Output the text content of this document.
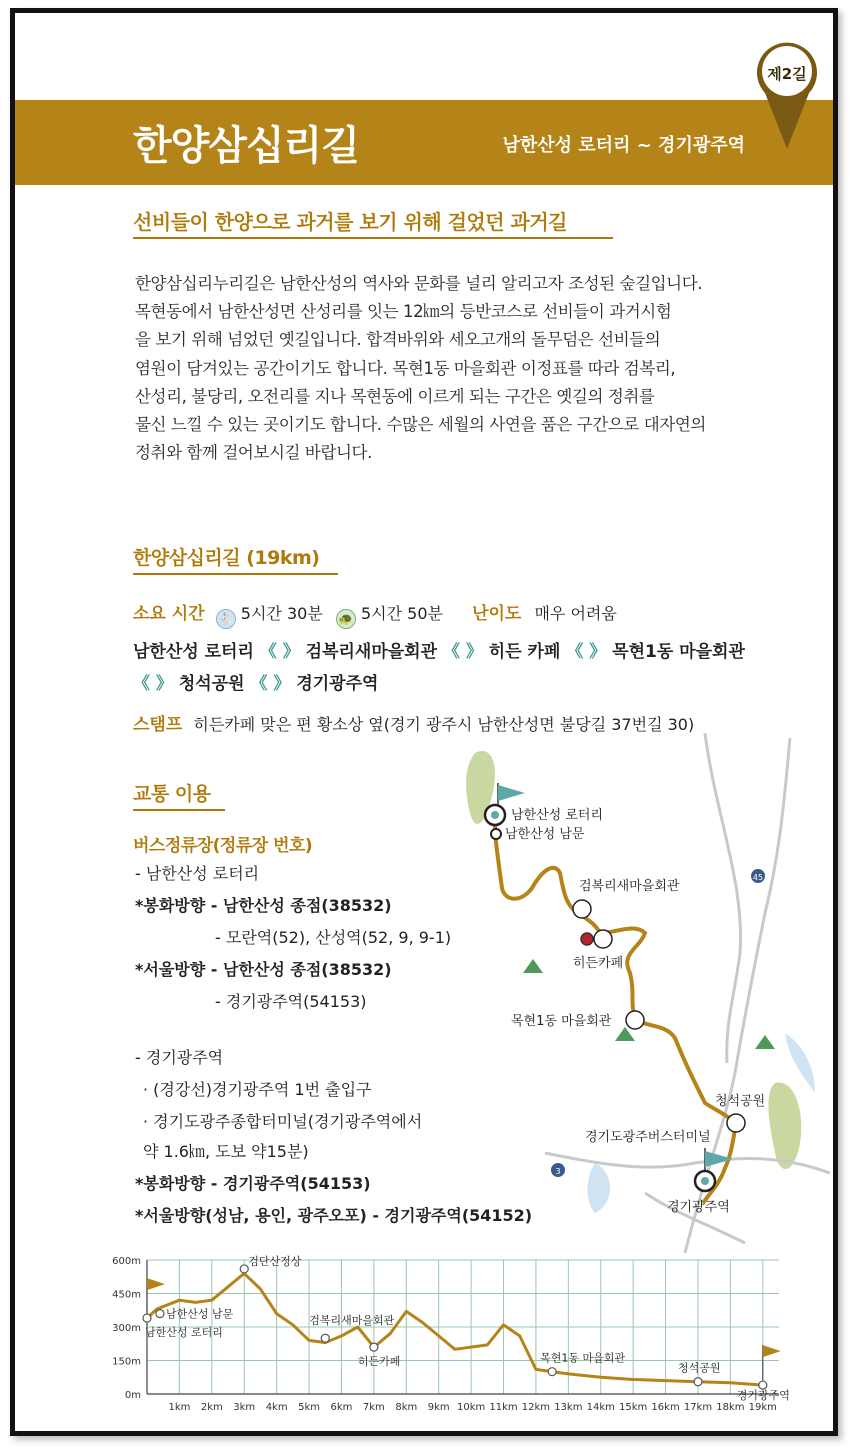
한양삼십리길	남한산성 로터리 ~ 경기광주역
제2길
선비들이 한양으로 과거를 보기 위해 걸었던 과거길
한양삼십리누리길은 남한산성의 역사와 문화를 널리 알리고자 조성된 숲길입니다.
목현동에서 남한산성면 산성리를 잇는 12㎞의 등반코스로 선비들이 과거시험
을 보기 위해 넘었던 옛길입니다. 합격바위와 세오고개의 돌무덤은 선비들의
염원이 담겨있는 공간이기도 합니다. 목현1동 마을회관 이정표를 따라 검복리,
산성리, 불당리, 오전리를 지나 목현동에 이르게 되는 구간은 옛길의 정취를
물신 느낄 수 있는 곳이기도 합니다. 수많은 세월의 사연을 품은 구간으로 대자연의
정취와 함께 걸어보시길 바랍니다.
한양삼십리길 (19km)
소요 시간 🐇 5시간 30분 🐢 5시간 50분 난이도 매우 어려움
남한산성 로터리 《 》 검복리새마을회관 《 》 히든 카페 《 》 목현1동 마을회관
《 》 청석공원 《 》 경기광주역
스탬프 히든카페 맞은 편 황소상 옆(경기 광주시 남한산성면 불당길 37번길 30)
교통 이용
버스정류장(정류장 번호)
- 남한산성 로터리
*봉화방향 - 남한산성 종점(38532)
- 모란역(52), 산성역(52, 9, 9-1)
*서울방향 - 남한산성 종점(38532)
- 경기광주역(54153)
- 경기광주역
· (경강선)경기광주역 1번 출입구
· 경기도광주종합터미널(경기광주역에서
약 1.6㎞, 도보 약15분)
*봉화방향 - 경기광주역(54153)
*서울방향(성남, 용인, 광주오포) - 경기광주역(54152)
45
3
남한산성 로터리
남한산성 남문
검복리새마을회관
히든카페
목현1동 마을회관
청석공원
경기도광주버스터미널
경기광주역
0m
150m
300m
450m
600m
1km 2km 3km 4km 5km 6km 7km 8km 9km 10km 11km 12km 13km 14km 15km 16km 17km 18km 19km
남한산성 로터리
남한산성 남문
검단산정상
검복리새마을회관
히든카페	목현1동 마을회관
청석공원
경기광주역
